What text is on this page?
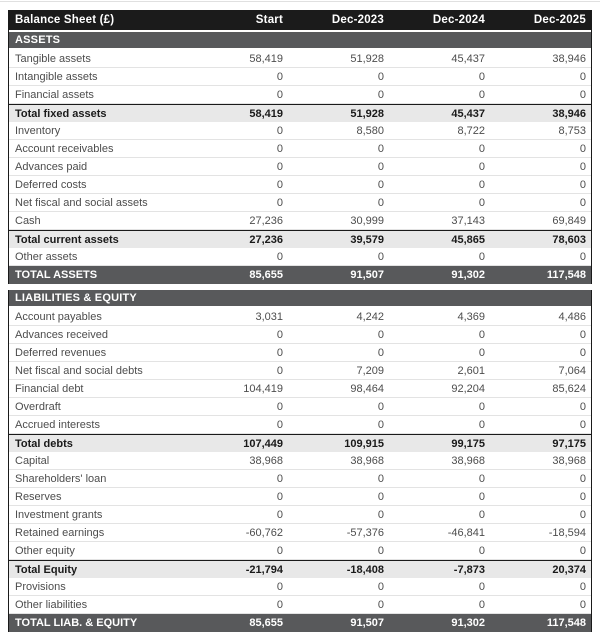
Balance Sheet (£)	Start	Dec-2023	Dec-2024	Dec-2025
ASSETS
Tangible assets	58,419	51,928	45,437	38,946
Intangible assets	0	0	0	0
Financial assets	0	0	0	0
Total fixed assets	58,419	51,928	45,437	38,946
Inventory	0	8,580	8,722	8,753
Account receivables	0	0	0	0
Advances paid	0	0	0	0
Deferred costs	0	0	0	0
Net fiscal and social assets	0	0	0	0
Cash	27,236	30,999	37,143	69,849
Total current assets	27,236	39,579	45,865	78,603
Other assets	0	0	0	0
TOTAL ASSETS	85,655	91,507	91,302	117,548
LIABILITIES & EQUITY
Account payables	3,031	4,242	4,369	4,486
Advances received	0	0	0	0
Deferred revenues	0	0	0	0
Net fiscal and social debts	0	7,209	2,601	7,064
Financial debt	104,419	98,464	92,204	85,624
Overdraft	0	0	0	0
Accrued interests	0	0	0	0
Total debts	107,449	109,915	99,175	97,175
Capital	38,968	38,968	38,968	38,968
Shareholders' loan	0	0	0	0
Reserves	0	0	0	0
Investment grants	0	0	0	0
Retained earnings	-60,762	-57,376	-46,841	-18,594
Other equity	0	0	0	0
Total Equity	-21,794	-18,408	-7,873	20,374
Provisions	0	0	0	0
Other liabilities	0	0	0	0
TOTAL LIAB. & EQUITY	85,655	91,507	91,302	117,548
